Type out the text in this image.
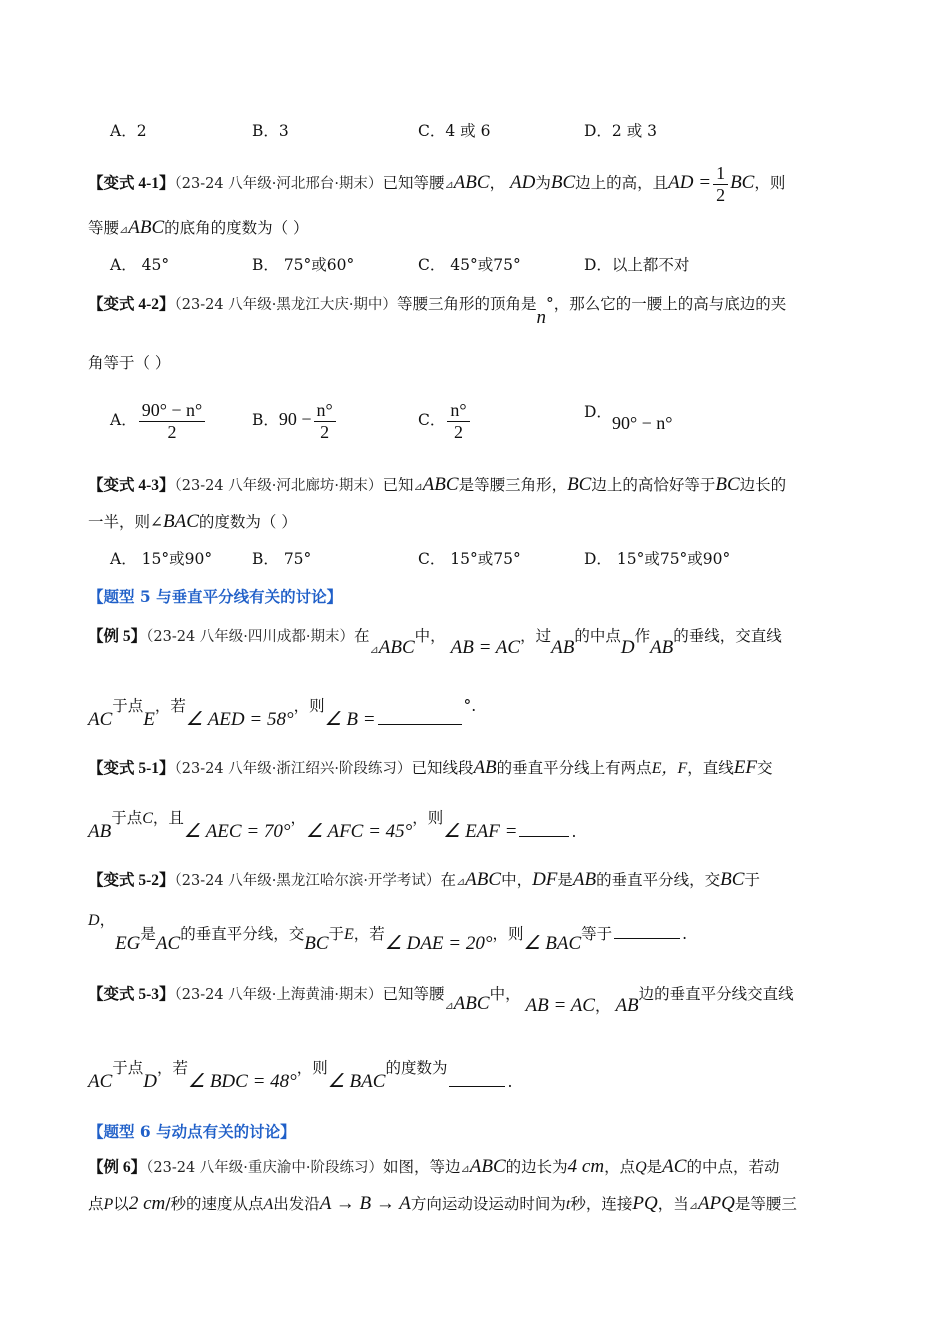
A．2	B．3	C．4 或 6	D．2 或 3
【变式 4-1】（23-24 八年级·河北邢台·期末）已知等腰⊿ABC， AD为BC边上的高，且AD = $\frac{1}{2}$ BC，则
等腰⊿ABC的底角的度数为（ ）
A． 45°	B． 75°或60°	C． 45°或75°	D．以上都不对
【变式 4-2】（23-24 八年级·黑龙江大庆·期中）等腰三角形的顶角是n°，那么它的一腰上的高与底边的夹
角等于（ ）
A． $\frac{90^\circ - n^\circ}{2}$	B．$90 - \frac{n^\circ}{2}$	C． $\frac{n^\circ}{2}$	D．90° − n°
【变式 4-3】（23-24 八年级·河北廊坊·期末）已知⊿ABC是等腰三角形，BC边上的高恰好等于BC边长的
一半，则∠BAC的度数为（ ）
A． 15°或90°	B． 75°	C． 15°或75°	D． 15°或75°或90°
【题型 5 与垂直平分线有关的讨论】
【例 5】（23-24 八年级·四川成都·期末）在$_⊿$ABC中， AB = AC，过AB的中点D作AB的垂线，交直线
AC于点E，若∠ AED = 58°，则∠ B =°.
【变式 5-1】（23-24 八年级·浙江绍兴·阶段练习）已知线段AB的垂直平分线上有两点E，F，直线EF交
AB于点C，且∠ AEC = 70°，∠ AFC = 45°，则∠ EAF =	.
【变式 5-2】（23-24 八年级·黑龙江哈尔滨·开学考试）在⊿ABC中，DF是AB的垂直平分线，交BC于
D，EG是AC的垂直平分线，交BC于E，若∠ DAE = 20°，则∠ BAC等于	.
【变式 5-3】（23-24 八年级·上海黄浦·期末）已知等腰$_⊿$ABC中， AB = AC， AB边的垂直平分线交直线
AC于点D，若∠ BDC = 48°，则∠ BAC的度数为.
【题型 6 与动点有关的讨论】
【例 6】（23-24 八年级·重庆渝中·阶段练习）如图，等边⊿ABC的边长为4 cm，点Q是AC的中点，若动
点P以2 cm/秒的速度从点A出发沿A → B → A方向运动设运动时间为t秒，连接PQ，当⊿APQ是等腰三
